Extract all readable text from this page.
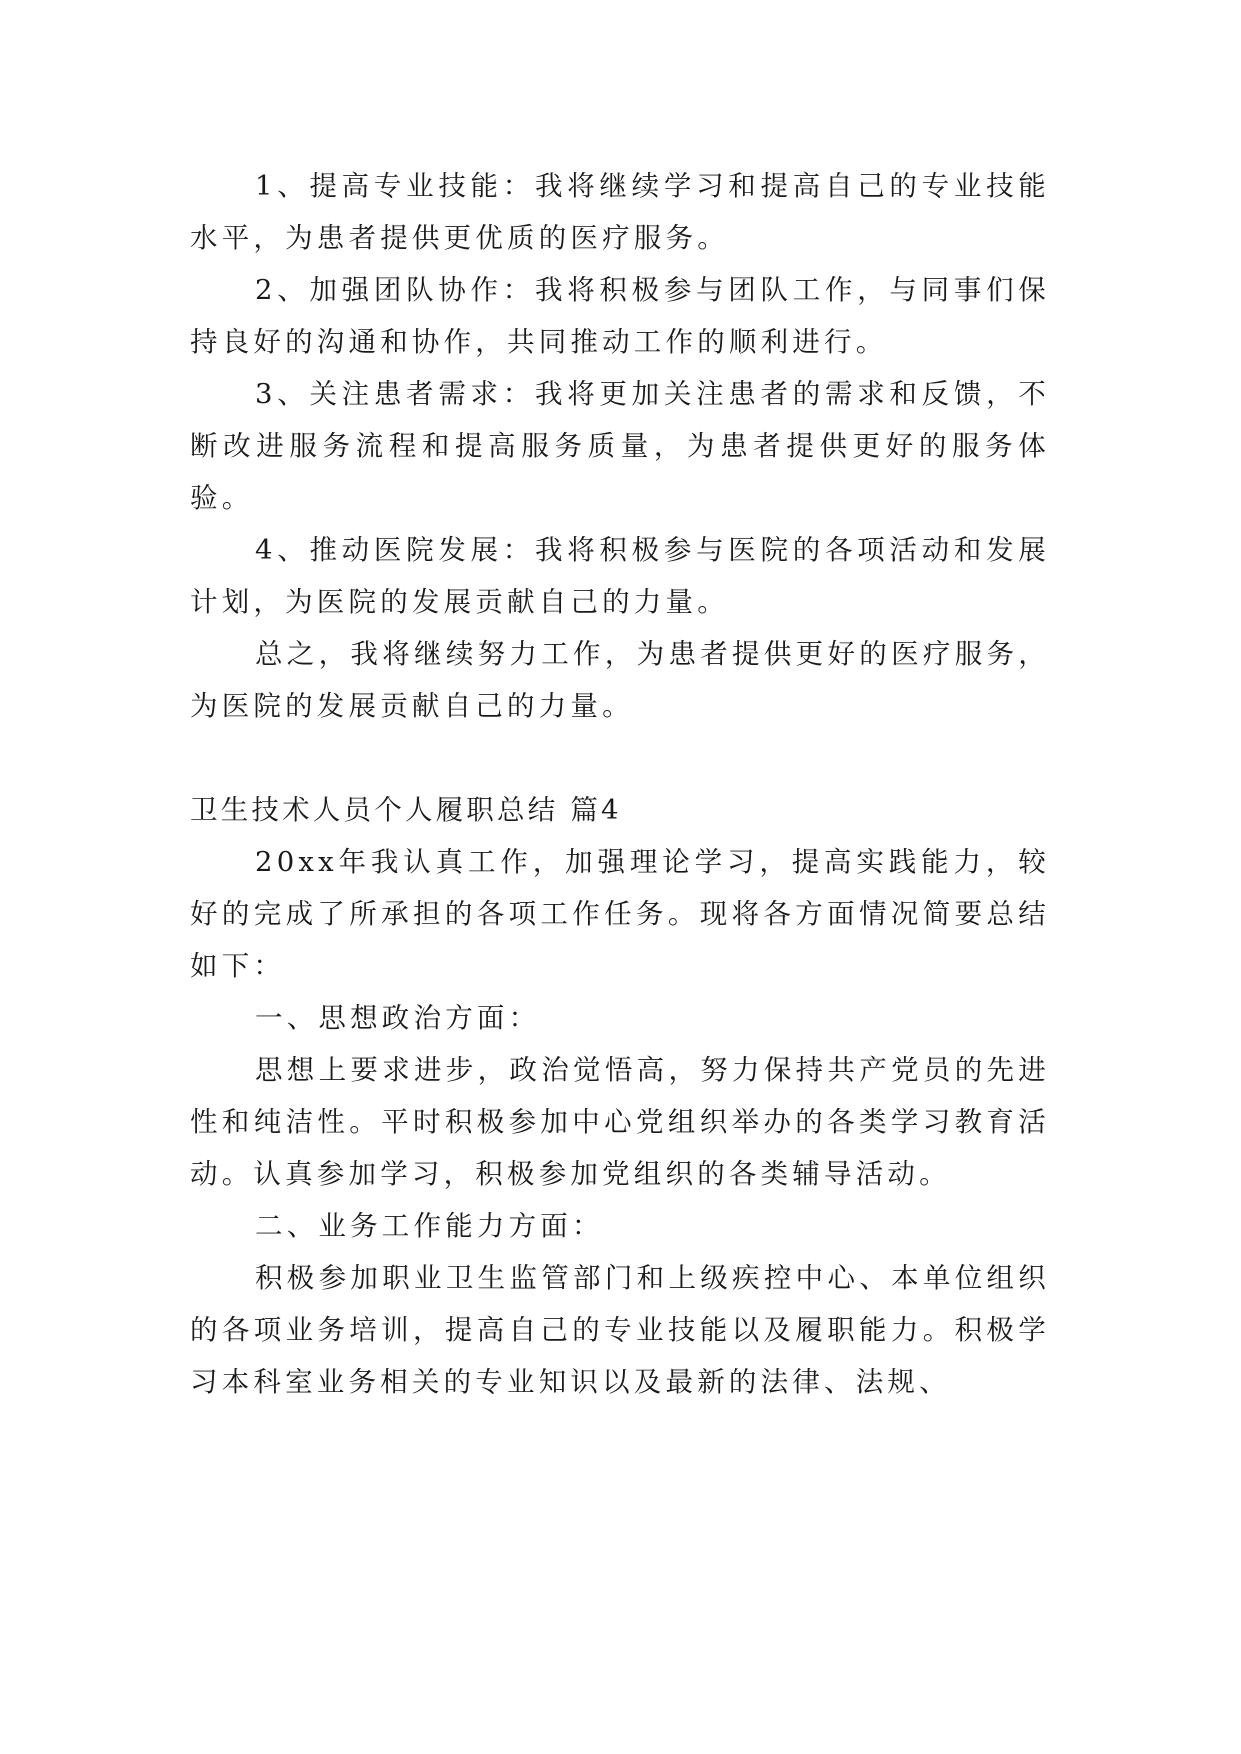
1、提高专业技能：我将继续学习和提高自己的专业技能水平，为患者提供更优质的医疗服务。

2、加强团队协作：我将积极参与团队工作，与同事们保持良好的沟通和协作，共同推动工作的顺利进行。

3、关注患者需求：我将更加关注患者的需求和反馈，不断改进服务流程和提高服务质量，为患者提供更好的服务体验。

4、推动医院发展：我将积极参与医院的各项活动和发展计划，为医院的发展贡献自己的力量。

总之，我将继续努力工作，为患者提供更好的医疗服务，为医院的发展贡献自己的力量。

卫生技术人员个人履职总结 篇4

20xx年我认真工作，加强理论学习，提高实践能力，较好的完成了所承担的各项工作任务。现将各方面情况简要总结如下：

一、思想政治方面：

思想上要求进步，政治觉悟高，努力保持共产党员的先进性和纯洁性。平时积极参加中心党组织举办的各类学习教育活动。认真参加学习，积极参加党组织的各类辅导活动。

二、业务工作能力方面：

积极参加职业卫生监管部门和上级疾控中心、本单位组织的各项业务培训，提高自己的专业技能以及履职能力。积极学习本科室业务相关的专业知识以及最新的法律、法规、
